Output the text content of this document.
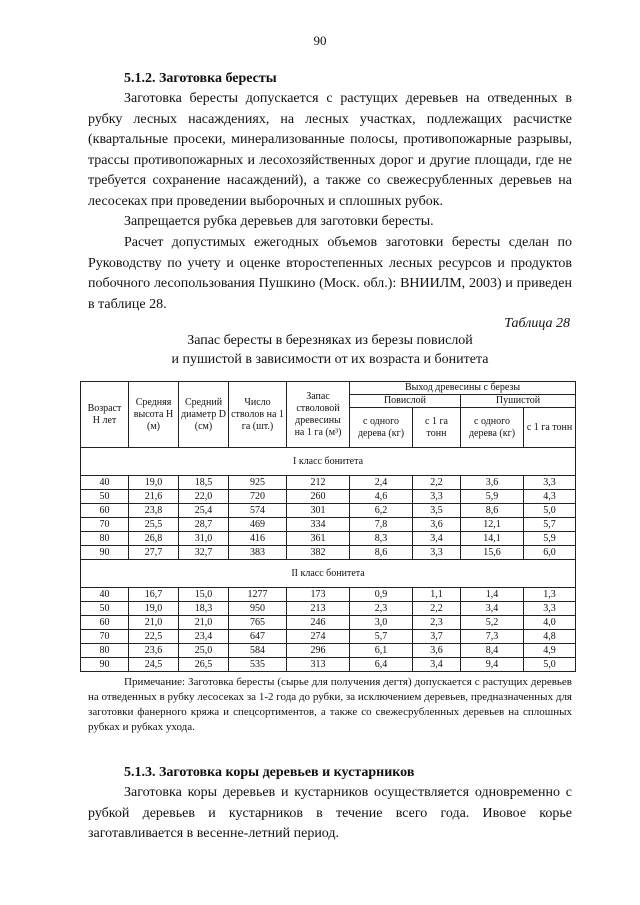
90
5.1.2. Заготовка бересты
Заготовка бересты допускается с растущих деревьев на отведенных в рубку лесных насаждениях, на лесных участках, подлежащих расчистке (квартальные просеки, минерализованные полосы, противопожарные разрывы, трассы противопожарных и лесохозяйственных дорог и другие площади, где не требуется сохранение насаждений), а также со свежесрубленных деревьев на лесосеках при проведении выборочных и сплошных рубок.
Запрещается рубка деревьев для заготовки бересты.
Расчет допустимых ежегодных объемов заготовки бересты сделан по Руководству по учету и оценке второстепенных лесных ресурсов и продуктов побочного лесопользования Пушкино (Моск. обл.): ВНИИЛМ, 2003) и приведен в таблице 28.
Таблица 28
Запас бересты в березняках из березы повислой
и пушистой в зависимости от их возраста и бонитета
Возраст Н лет	Средняя высота Н (м)	Средний диаметр D (см)	Число стволов на 1 га (шт.)	Запас стволовой древесины на 1 га (м³)	Выход древесины с березы			
					Повислой		Пушистой	
					с одного дерева (кг)	с 1 га тонн	с одного дерева (кг)	с 1 га тонн
I класс бонитета								
40	19,0	18,5	925	212	2,4	2,2	3,6	3,3
50	21,6	22,0	720	260	4,6	3,3	5,9	4,3
60	23,8	25,4	574	301	6,2	3,5	8,6	5,0
70	25,5	28,7	469	334	7,8	3,6	12,1	5,7
80	26,8	31,0	416	361	8,3	3,4	14,1	5,9
90	27,7	32,7	383	382	8,6	3,3	15,6	6,0
II класс бонитета								
40	16,7	15,0	1277	173	0,9	1,1	1,4	1,3
50	19,0	18,3	950	213	2,3	2,2	3,4	3,3
60	21,0	21,0	765	246	3,0	2,3	5,2	4,0
70	22,5	23,4	647	274	5,7	3,7	7,3	4,8
80	23,6	25,0	584	296	6,1	3,6	8,4	4,9
90	24,5	26,5	535	313	6,4	3,4	9,4	5,0
Примечание: Заготовка бересты (сырье для получения дегтя) допускается с растущих деревьев на отведенных в рубку лесосеках за 1-2 года до рубки, за исключением деревьев, предназначенных для заготовки фанерного кряжа и спецсортиментов, а также со свежесрубленных деревьев на сплошных рубках и рубках ухода.
5.1.3. Заготовка коры деревьев и кустарников
Заготовка коры деревьев и кустарников осуществляется одновременно с рубкой деревьев и кустарников в течение всего года. Ивовое корье заготавливается в весенне-летний период.
